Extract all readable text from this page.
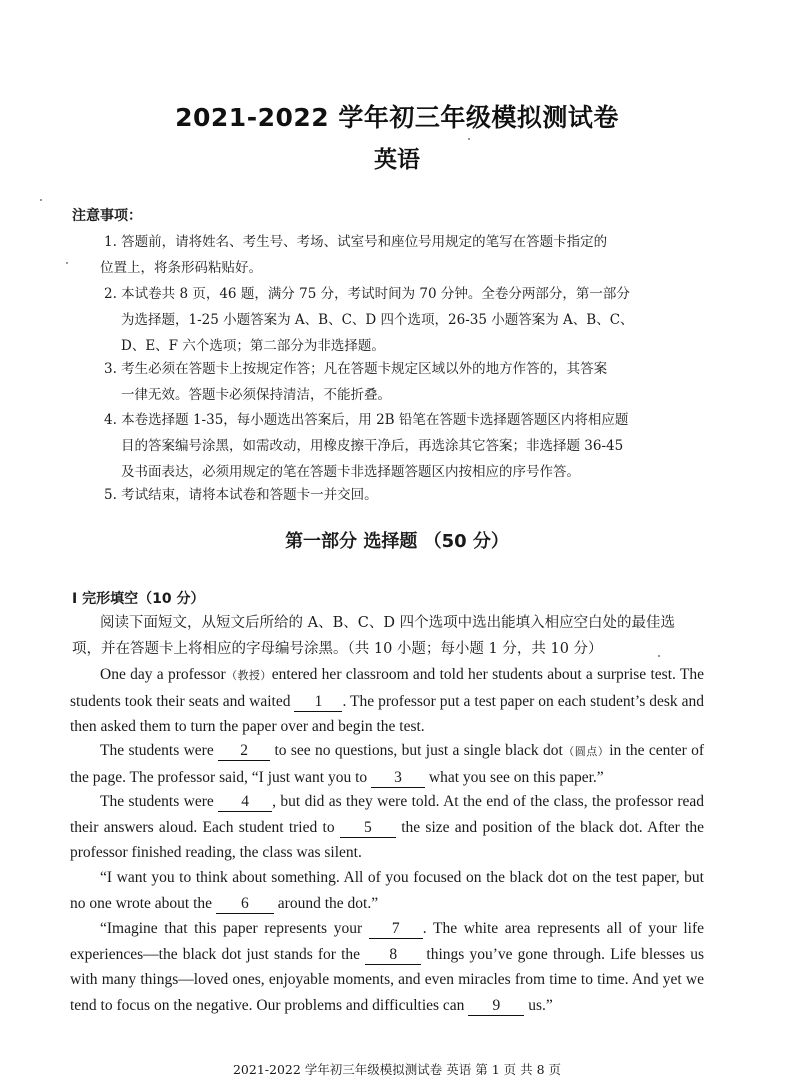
2021-2022 学年初三年级模拟测试卷
英语
注意事项：
1. 答题前，请将姓名、考生号、考场、试室号和座位号用规定的笔写在答题卡指定的
位置上，将条形码粘贴好。
2. 本试卷共 8 页，46 题，满分 75 分，考试时间为 70 分钟。全卷分两部分，第一部分
为选择题，1-25 小题答案为 A、B、C、D 四个选项，26-35 小题答案为 A、B、C、
D、E、F 六个选项；第二部分为非选择题。
3. 考生必须在答题卡上按规定作答；凡在答题卡规定区域以外的地方作答的，其答案
一律无效。答题卡必须保持清洁，不能折叠。
4. 本卷选择题 1-35，每小题选出答案后，用 2B 铅笔在答题卡选择题答题区内将相应题
目的答案编号涂黑，如需改动，用橡皮擦干净后，再选涂其它答案；非选择题 36-45
及书面表达，必须用规定的笔在答题卡非选择题答题区内按相应的序号作答。
5. 考试结束，请将本试卷和答题卡一并交回。
第一部分 选择题 （50 分）
I 完形填空（10 分）
阅读下面短文，从短文后所给的 A、B、C、D 四个选项中选出能填入相应空白处的最佳选项，并在答题卡上将相应的字母编号涂黑。（共 10 小题；每小题 1 分，共 10 分）
One day a professor（教授）entered her classroom and told her students about a surprise test. The students took their seats and waited 1 . The professor put a test paper on each student’s desk and then asked them to turn the paper over and begin the test.
The students were 2 to see no questions, but just a single black dot（圆点）in the center of the page. The professor said, “I just want you to 3 what you see on this paper.”
The students were 4 , but did as they were told. At the end of the class, the professor read their answers aloud. Each student tried to 5 the size and position of the black dot. After the professor finished reading, the class was silent.
“I want you to think about something. All of you focused on the black dot on the test paper, but no one wrote about the 6 around the dot.”
“Imagine that this paper represents your 7 . The white area represents all of your life experiences—the black dot just stands for the 8 things you’ve gone through. Life blesses us with many things—loved ones, enjoyable moments, and even miracles from time to time. And yet we tend to focus on the negative. Our problems and difficulties can 9 us.”
2021-2022 学年初三年级模拟测试卷 英语 第 1 页 共 8 页
